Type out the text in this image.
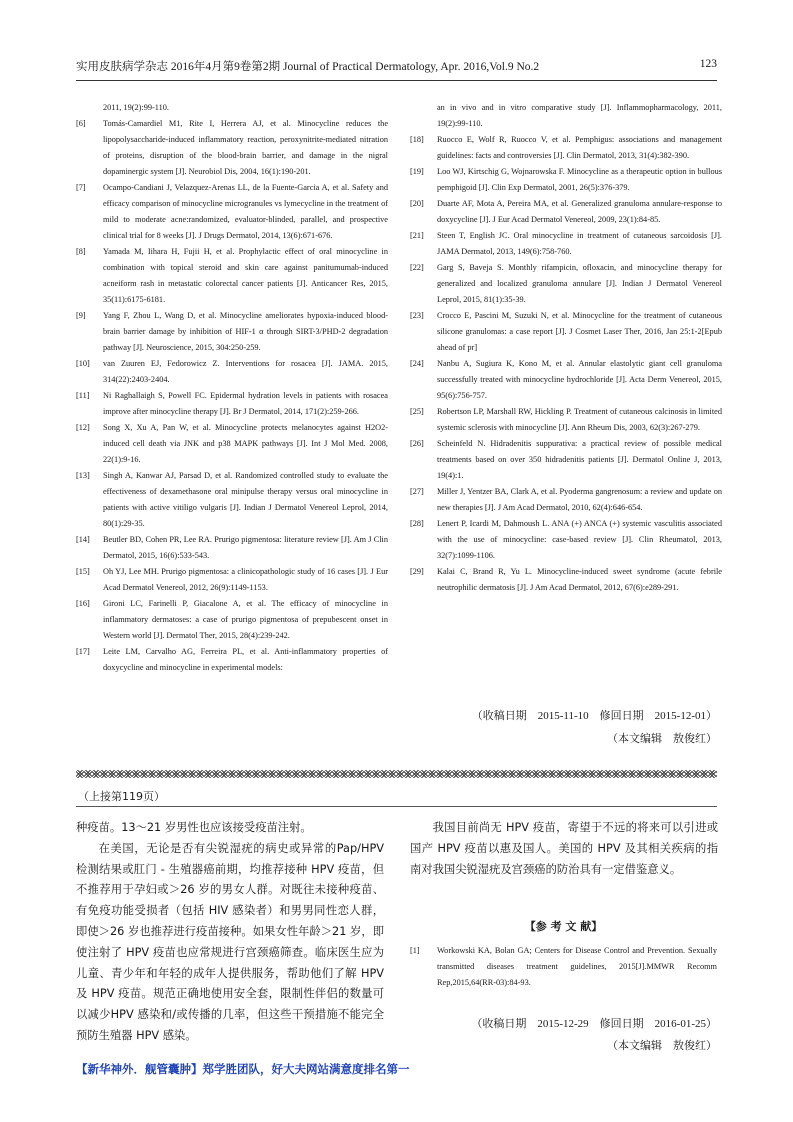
实用皮肤病学杂志 2016年4月第9卷第2期 Journal of Practical Dermatology, Apr. 2016,Vol.9 No.2	123
2011, 19(2):99-110.
[6] Tomás-Camardiel M1, Rite I, Herrera AJ, et al. Minocycline reduces the lipopolysaccharide-induced inflammatory reaction, peroxynitrite-mediated nitration of proteins, disruption of the blood-brain barrier, and damage in the nigral dopaminergic system [J]. Neurobiol Dis, 2004, 16(1):190-201.
[7] Ocampo-Candiani J, Velazquez-Arenas LL, de la Fuente-Garcia A, et al. Safety and efficacy comparison of minocycline microgranules vs lymecycline in the treatment of mild to moderate acne:randomized, evaluator-blinded, parallel, and prospective clinical trial for 8 weeks [J]. J Drugs Dermatol, 2014, 13(6):671-676.
[8] Yamada M, Iihara H, Fujii H, et al. Prophylactic effect of oral minocycline in combination with topical steroid and skin care against panitumumab-induced acneiform rash in metastatic colorectal cancer patients [J]. Anticancer Res, 2015, 35(11):6175-6181.
[9] Yang F, Zhou L, Wang D, et al. Minocycline ameliorates hypoxia-induced blood-brain barrier damage by inhibition of HIF-1 α through SIRT-3/PHD-2 degradation pathway [J]. Neuroscience, 2015, 304:250-259.
[10] van Zuuren EJ, Fedorowicz Z. Interventions for rosacea [J]. JAMA. 2015, 314(22):2403-2404.
[11] Ni Raghallaigh S, Powell FC. Epidermal hydration levels in patients with rosacea improve after minocycline therapy [J]. Br J Dermatol, 2014, 171(2):259-266.
[12] Song X, Xu A, Pan W, et al. Minocycline protects melanocytes against H2O2-induced cell death via JNK and p38 MAPK pathways [J]. Int J Mol Med. 2008, 22(1):9-16.
[13] Singh A, Kanwar AJ, Parsad D, et al. Randomized controlled study to evaluate the effectiveness of dexamethasone oral minipulse therapy versus oral minocycline in patients with active vitiligo vulgaris [J]. Indian J Dermatol Venereol Leprol, 2014, 80(1):29-35.
[14] Beutler BD, Cohen PR, Lee RA. Prurigo pigmentosa: literature review [J]. Am J Clin Dermatol, 2015, 16(6):533-543.
[15] Oh YJ, Lee MH. Prurigo pigmentosa: a clinicopathologic study of 16 cases [J]. J Eur Acad Dermatol Venereol, 2012, 26(9):1149-1153.
[16] Gironi LC, Farinelli P, Giacalone A, et al. The efficacy of minocycline in inflammatory dermatoses: a case of prurigo pigmentosa of prepubescent onset in Western world [J]. Dermatol Ther, 2015, 28(4):239-242.
[17] Leite LM, Carvalho AG, Ferreira PL, et al. Anti-inflammatory properties of doxycycline and minocycline in experimental models:
an in vivo and in vitro comparative study [J]. Inflammopharmacology, 2011, 19(2):99-110.
[18] Ruocco E, Wolf R, Ruocco V, et al. Pemphigus: associations and management guidelines: facts and controversies [J]. Clin Dermatol, 2013, 31(4):382-390.
[19] Loo WJ, Kirtschig G, Wojnarowska F. Minocycline as a therapeutic option in bullous pemphigoid [J]. Clin Exp Dermatol, 2001, 26(5):376-379.
[20] Duarte AF, Mota A, Pereira MA, et al. Generalized granuloma annulare-response to doxycycline [J]. J Eur Acad Dermatol Venereol, 2009, 23(1):84-85.
[21] Steen T, English JC. Oral minocycline in treatment of cutaneous sarcoidosis [J]. JAMA Dermatol, 2013, 149(6):758-760.
[22] Garg S, Baveja S. Monthly rifampicin, ofloxacin, and minocycline therapy for generalized and localized granuloma annulare [J]. Indian J Dermatol Venereol Leprol, 2015, 81(1):35-39.
[23] Crocco E, Pascini M, Suzuki N, et al. Minocycline for the treatment of cutaneous silicone granulomas: a case report [J]. J Cosmet Laser Ther, 2016, Jan 25:1-2[Epub ahead of pr]
[24] Nanbu A, Sugiura K, Kono M, et al. Annular elastolytic giant cell granuloma successfully treated with minocycline hydrochloride [J]. Acta Derm Venereol, 2015, 95(6):756-757.
[25] Robertson LP, Marshall RW, Hickling P. Treatment of cutaneous calcinosis in limited systemic sclerosis with minocycline [J]. Ann Rheum Dis, 2003, 62(3):267-279.
[26] Scheinfeld N. Hidradenitis suppurativa: a practical review of possible medical treatments based on over 350 hidradenitis patients [J]. Dermatol Online J, 2013, 19(4):1.
[27] Miller J, Yentzer BA, Clark A, et al. Pyoderma gangrenosum: a review and update on new therapies [J]. J Am Acad Dermatol, 2010, 62(4):646-654.
[28] Lenert P, Icardi M, Dahmoush L. ANA (+) ANCA (+) systemic vasculitis associated with the use of minocycline: case-based review [J]. Clin Rheumatol, 2013, 32(7):1099-1106.
[29] Kalai C, Brand R, Yu L. Minocycline-induced sweet syndrome (acute febrile neutrophilic dermatosis [J]. J Am Acad Dermatol, 2012, 67(6):e289-291.
（收稿日期　2015-11-10　修回日期　2015-12-01）
（本文编辑　敖俊红）
（上接第119页）

种疫苗。13～21 岁男性也应该接受疫苗注射。

在美国，无论是否有尖锐湿疣的病史或异常的Pap/HPV 检测结果或肛门 - 生殖器癌前期，均推荐接种 HPV 疫苗，但不推荐用于孕妇或＞26 岁的男女人群。对既往未接种疫苗、有免疫功能受损者（包括 HIV 感染者）和男男同性恋人群，即使＞26 岁也推荐进行疫苗接种。如果女性年龄＞21 岁，即使注射了 HPV 疫苗也应常规进行宫颈癌筛查。临床医生应为儿童、青少年和年轻的成年人提供服务，帮助他们了解 HPV 及 HPV 疫苗。规范正确地使用安全套，限制性伴侣的数量可以减少HPV 感染和/或传播的几率，但这些干预措施不能完全预防生殖器 HPV 感染。

我国目前尚无 HPV 疫苗，寄望于不远的将来可以引进或国产 HPV 疫苗以惠及国人。美国的 HPV 及其相关疾病的指南对我国尖锐湿疣及宫颈癌的防治具有一定借鉴意义。

【参 考 文 献】
[1] Workowski KA, Bolan GA; Centers for Disease Control and Prevention. Sexually transmitted diseases treatment guidelines, 2015[J].MMWR Recomm Rep,2015,64(RR-03):84-93.
（收稿日期　2015-12-29　修回日期　2016-01-25）
（本文编辑　敖俊红）
【新华神外．舰管囊肿】郑学胜团队，好大夫网站满意度排名第一
